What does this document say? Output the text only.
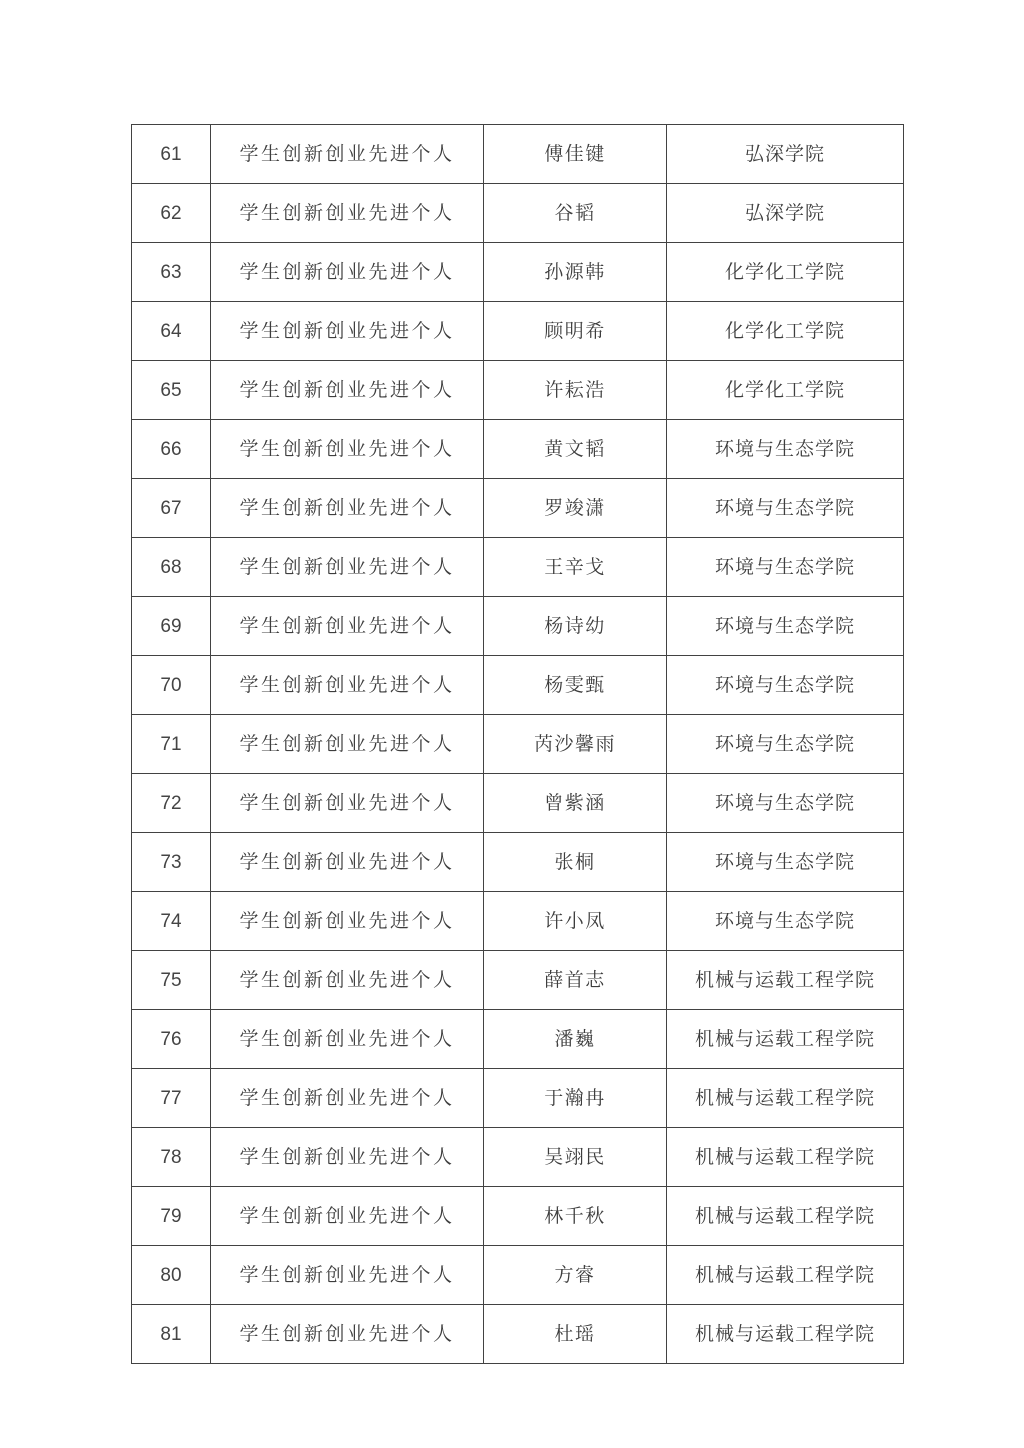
61	学生创新创业先进个人	傅佳键	弘深学院
62	学生创新创业先进个人	谷韬	弘深学院
63	学生创新创业先进个人	孙源韩	化学化工学院
64	学生创新创业先进个人	顾明希	化学化工学院
65	学生创新创业先进个人	许耘浩	化学化工学院
66	学生创新创业先进个人	黄文韬	环境与生态学院
67	学生创新创业先进个人	罗竣潇	环境与生态学院
68	学生创新创业先进个人	王辛戈	环境与生态学院
69	学生创新创业先进个人	杨诗幼	环境与生态学院
70	学生创新创业先进个人	杨雯甄	环境与生态学院
71	学生创新创业先进个人	芮沙馨雨	环境与生态学院
72	学生创新创业先进个人	曾紫涵	环境与生态学院
73	学生创新创业先进个人	张桐	环境与生态学院
74	学生创新创业先进个人	许小凤	环境与生态学院
75	学生创新创业先进个人	薛首志	机械与运载工程学院
76	学生创新创业先进个人	潘巍	机械与运载工程学院
77	学生创新创业先进个人	于瀚冉	机械与运载工程学院
78	学生创新创业先进个人	吴翊民	机械与运载工程学院
79	学生创新创业先进个人	林千秋	机械与运载工程学院
80	学生创新创业先进个人	方睿	机械与运载工程学院
81	学生创新创业先进个人	杜瑶	机械与运载工程学院
